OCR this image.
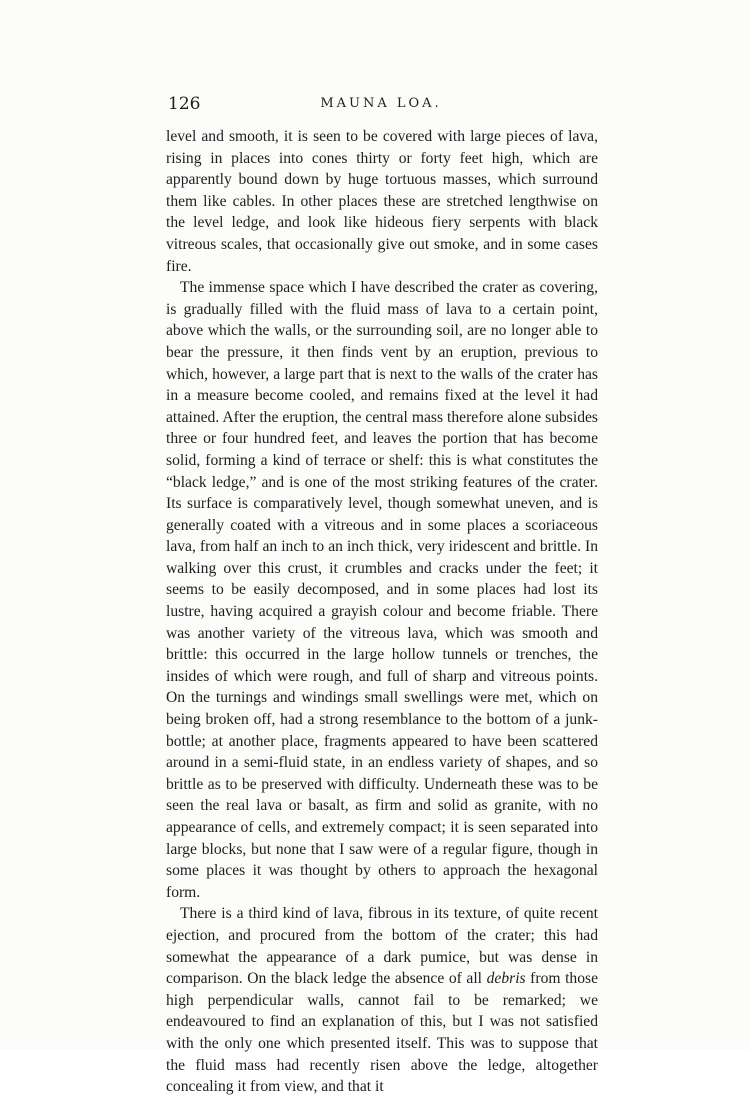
126	MAUNA LOA.

level and smooth, it is seen to be covered with large pieces of lava, rising in places into cones thirty or forty feet high, which are apparently bound down by huge tortuous masses, which surround them like cables. In other places these are stretched lengthwise on the level ledge, and look like hideous fiery serpents with black vitreous scales, that occasionally give out smoke, and in some cases fire.

The immense space which I have described the crater as covering, is gradually filled with the fluid mass of lava to a certain point, above which the walls, or the surrounding soil, are no longer able to bear the pressure, it then finds vent by an eruption, previous to which, however, a large part that is next to the walls of the crater has in a measure become cooled, and remains fixed at the level it had attained. After the eruption, the central mass therefore alone subsides three or four hundred feet, and leaves the portion that has become solid, forming a kind of terrace or shelf: this is what constitutes the “black ledge,” and is one of the most striking features of the crater. Its surface is comparatively level, though somewhat uneven, and is generally coated with a vitreous and in some places a scoriaceous lava, from half an inch to an inch thick, very iridescent and brittle. In walking over this crust, it crumbles and cracks under the feet; it seems to be easily decomposed, and in some places had lost its lustre, having acquired a grayish colour and become friable. There was another variety of the vitreous lava, which was smooth and brittle: this occurred in the large hollow tunnels or trenches, the insides of which were rough, and full of sharp and vitreous points. On the turnings and windings small swellings were met, which on being broken off, had a strong resemblance to the bottom of a junk-bottle; at another place, fragments appeared to have been scattered around in a semi-fluid state, in an endless variety of shapes, and so brittle as to be preserved with difficulty. Underneath these was to be seen the real lava or basalt, as firm and solid as granite, with no appearance of cells, and extremely compact; it is seen separated into large blocks, but none that I saw were of a regular figure, though in some places it was thought by others to approach the hexagonal form.

There is a third kind of lava, fibrous in its texture, of quite recent ejection, and procured from the bottom of the crater; this had somewhat the appearance of a dark pumice, but was dense in comparison. On the black ledge the absence of all debris from those high perpendicular walls, cannot fail to be remarked; we endeavoured to find an explanation of this, but I was not satisfied with the only one which presented itself. This was to suppose that the fluid mass had recently risen above the ledge, altogether concealing it from view, and that it
